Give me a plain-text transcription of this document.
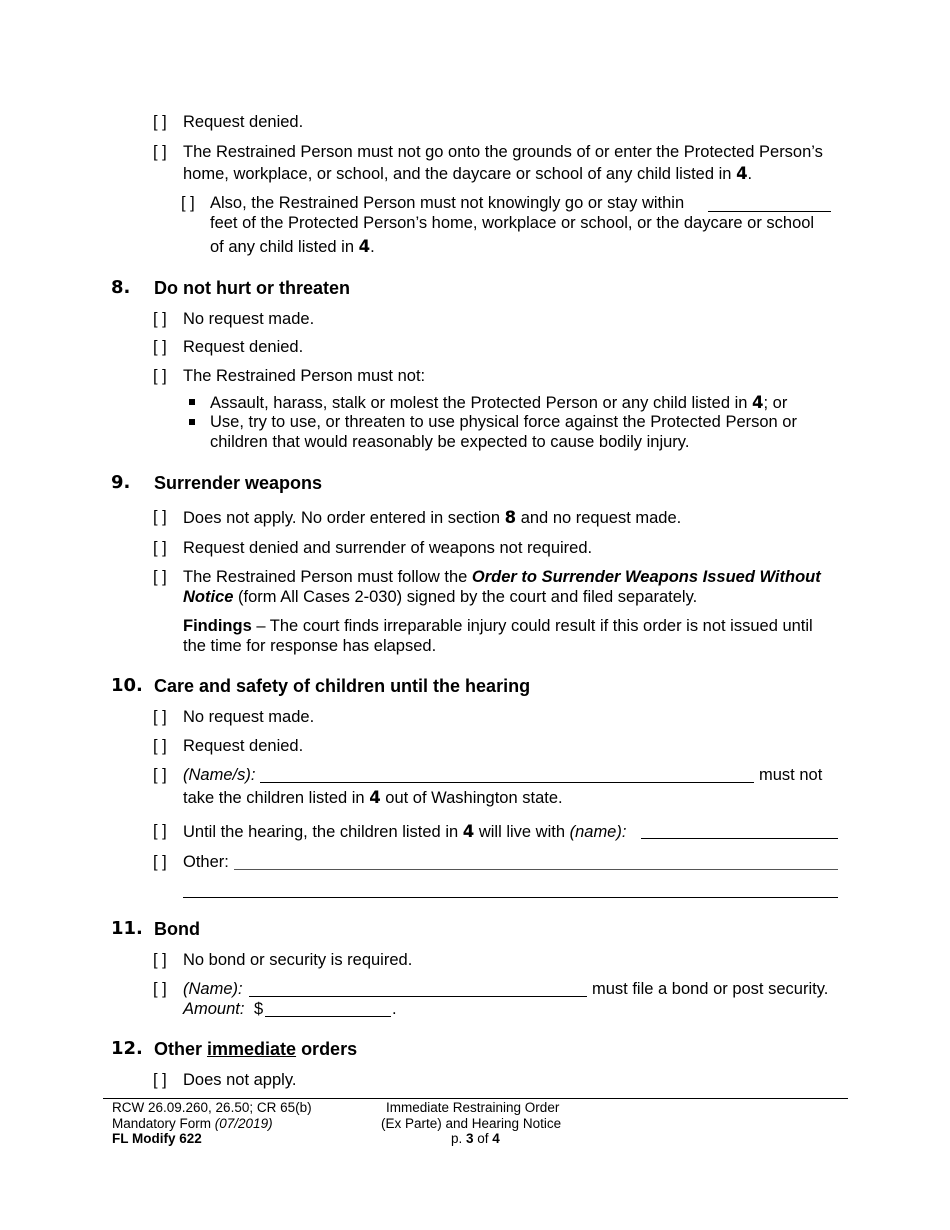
[ ] Request denied.
[ ] The Restrained Person must not go onto the grounds of or enter the Protected Person’s
home, workplace, or school, and the daycare or school of any child listed in 4.
[ ] Also, the Restrained Person must not knowingly go or stay within
feet of the Protected Person’s home, workplace or school, or the daycare or school
of any child listed in 4.
8. Do not hurt or threaten
[ ] No request made.
[ ] Request denied.
[ ] The Restrained Person must not:
Assault, harass, stalk or molest the Protected Person or any child listed in 4; or
Use, try to use, or threaten to use physical force against the Protected Person or
children that would reasonably be expected to cause bodily injury.
9. Surrender weapons
[ ] Does not apply. No order entered in section 8 and no request made.
[ ] Request denied and surrender of weapons not required.
[ ] The Restrained Person must follow the Order to Surrender Weapons Issued Without
Notice (form All Cases 2-030) signed by the court and filed separately.
Findings – The court finds irreparable injury could result if this order is not issued until
the time for response has elapsed.
10. Care and safety of children until the hearing
[ ] No request made.
[ ] Request denied.
[ ] (Name/s):	must not
take the children listed in 4 out of Washington state.
[ ] Until the hearing, the children listed in 4 will live with (name):
[ ] Other:
11. Bond
[ ] No bond or security is required.
[ ] (Name):	must file a bond or post security.
Amount: $	.
12. Other immediate orders
[ ] Does not apply.
RCW 26.09.260, 26.50; CR 65(b)
Mandatory Form (07/2019)
FL Modify 622
Immediate Restraining Order
(Ex Parte) and Hearing Notice
p. 3 of 4
